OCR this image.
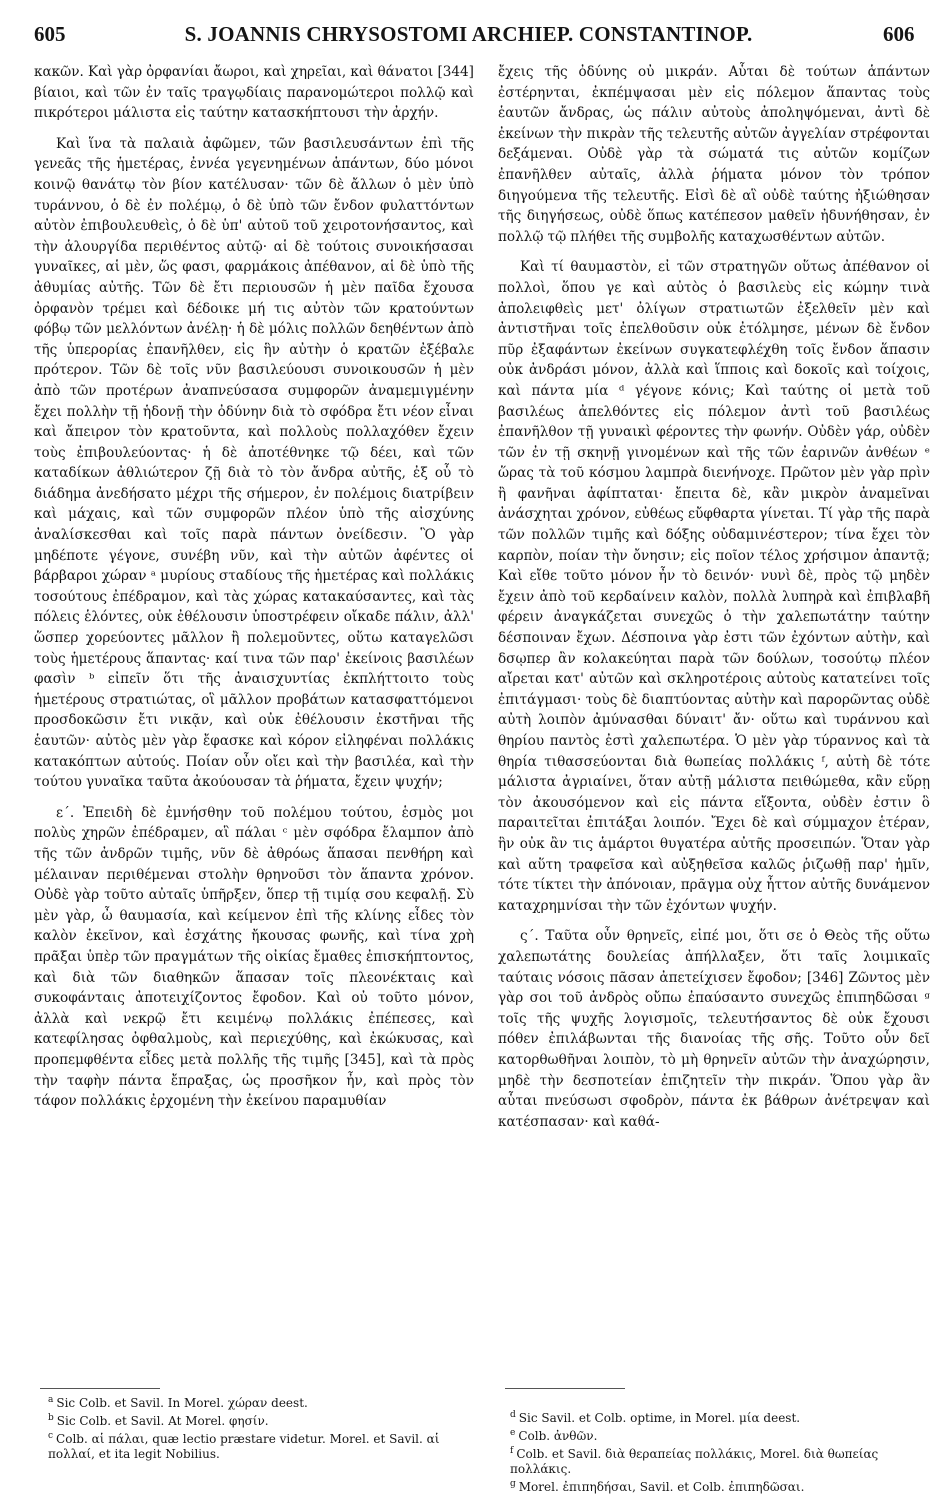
605	S. JOANNIS CHRYSOSTOMI ARCHIEP. CONSTANTINOP.	606

κακῶν. Καὶ γὰρ ὀρφανίαι ἄωροι, καὶ χηρεῖαι, καὶ θάνατοι [344] βίαιοι, καὶ τῶν ἐν ταῖς τραγῳδίαις παρανομώτεροι πολλῷ καὶ πικρότεροι μάλιστα εἰς ταύτην κατασκήπτουσι τὴν ἀρχήν.

Καὶ ἵνα τὰ παλαιὰ ἀφῶμεν, τῶν βασιλευσάντων ἐπὶ τῆς γενεᾶς τῆς ἡμετέρας, ἐννέα γεγενημένων ἁπάντων, δύο μόνοι κοινῷ θανάτῳ τὸν βίον κατέλυσαν· τῶν δὲ ἄλλων ὁ μὲν ὑπὸ τυράννου, ὁ δὲ ἐν πολέμῳ, ὁ δὲ ὑπὸ τῶν ἔνδον φυλαττόντων αὐτὸν ἐπιβουλευθεὶς, ὁ δὲ ὑπ' αὐτοῦ τοῦ χειροτονήσαντος, καὶ τὴν ἁλουργίδα περιθέντος αὐτῷ· αἱ δὲ τούτοις συνοικήσασαι γυναῖκες, αἱ μὲν, ὥς φασι, φαρμάκοις ἀπέθανον, αἱ δὲ ὑπὸ τῆς ἀθυμίας αὐτῆς. Τῶν δὲ ἔτι περιουσῶν ἡ μὲν παῖδα ἔχουσα ὀρφανὸν τρέμει καὶ δέδοικε μή τις αὐτὸν τῶν κρατούντων φόβῳ τῶν μελλόντων ἀνέλῃ· ἡ δὲ μόλις πολλῶν δεηθέντων ἀπὸ τῆς ὑπερορίας ἐπανῆλθεν, εἰς ἣν αὐτὴν ὁ κρατῶν ἐξέβαλε πρότερον. Τῶν δὲ τοῖς νῦν βασιλεύουσι συνοικουσῶν ἡ μὲν ἀπὸ τῶν προτέρων ἀναπνεύσασα συμφορῶν ἀναμεμιγμένην ἔχει πολλὴν τῇ ἡδονῇ τὴν ὀδύνην διὰ τὸ σφόδρα ἔτι νέον εἶναι καὶ ἄπειρον τὸν κρατοῦντα, καὶ πολλοὺς πολλαχόθεν ἔχειν τοὺς ἐπιβουλεύοντας· ἡ δὲ ἀποτέθνηκε τῷ δέει, καὶ τῶν καταδίκων ἀθλιώτερον ζῇ διὰ τὸ τὸν ἄνδρα αὐτῆς, ἐξ οὗ τὸ διάδημα ἀνεδήσατο μέχρι τῆς σήμερον, ἐν πολέμοις διατρίβειν καὶ μάχαις, καὶ τῶν συμφορῶν πλέον ὑπὸ τῆς αἰσχύνης ἀναλίσκεσθαι καὶ τοῖς παρὰ πάντων ὀνείδεσιν. Ὃ γὰρ μηδέποτε γέγονε, συνέβη νῦν, καὶ τὴν αὐτῶν ἀφέντες οἱ βάρβαροι χώραν ᵃ μυρίους σταδίους τῆς ἡμετέρας καὶ πολλάκις τοσούτους ἐπέδραμον, καὶ τὰς χώρας κατακαύσαντες, καὶ τὰς πόλεις ἑλόντες, οὐκ ἐθέλουσιν ὑποστρέφειν οἴκαδε πάλιν, ἀλλ' ὥσπερ χορεύοντες μᾶλλον ἢ πολεμοῦντες, οὕτω καταγελῶσι τοὺς ἡμετέρους ἅπαντας· καί τινα τῶν παρ' ἐκείνοις βασιλέων φασὶν ᵇ εἰπεῖν ὅτι τῆς ἀναισχυντίας ἐκπλήττοιτο τοὺς ἡμετέρους στρατιώτας, οἳ μᾶλλον προβάτων κατασφαττόμενοι προσδοκῶσιν ἔτι νικᾷν, καὶ οὐκ ἐθέλουσιν ἐκστῆναι τῆς ἑαυτῶν· αὐτὸς μὲν γὰρ ἔφασκε καὶ κόρον εἰληφέναι πολλάκις κατακόπτων αὐτούς. Ποίαν οὖν οἴει καὶ τὴν βασιλέα, καὶ τὴν τούτου γυναῖκα ταῦτα ἀκούουσαν τὰ ῥήματα, ἔχειν ψυχήν;

ε΄. Ἐπειδὴ δὲ ἐμνήσθην τοῦ πολέμου τούτου, ἑσμὸς μοι πολὺς χηρῶν ἐπέδραμεν, αἳ πάλαι ᶜ μὲν σφόδρα ἔλαμπον ἀπὸ τῆς τῶν ἀνδρῶν τιμῆς, νῦν δὲ ἀθρόως ἅπασαι πενθήρη καὶ μέλαιναν περιθέμεναι στολὴν θρηνοῦσι τὸν ἅπαντα χρόνον. Οὐδὲ γὰρ τοῦτο αὐταῖς ὑπῆρξεν, ὅπερ τῇ τιμίᾳ σου κεφαλῇ. Σὺ μὲν γὰρ, ὦ θαυμασία, καὶ κείμενον ἐπὶ τῆς κλίνης εἶδες τὸν καλὸν ἐκεῖνον, καὶ ἐσχάτης ἤκουσας φωνῆς, καὶ τίνα χρὴ πρᾶξαι ὑπὲρ τῶν πραγμάτων τῆς οἰκίας ἔμαθες ἐπισκήπτοντος, καὶ διὰ τῶν διαθηκῶν ἅπασαν τοῖς πλεονέκταις καὶ συκοφάνταις ἀποτειχίζοντος ἔφοδον. Καὶ οὐ τοῦτο μόνον, ἀλλὰ καὶ νεκρῷ ἔτι κειμένῳ πολλάκις ἐπέπεσες, καὶ κατεφίλησας ὀφθαλμοὺς, καὶ περιεχύθης, καὶ ἐκώκυσας, καὶ προπεμφθέντα εἶδες μετὰ πολλῆς τῆς τιμῆς [345], καὶ τὰ πρὸς τὴν ταφὴν πάντα ἔπραξας, ὡς προσῆκον ἦν, καὶ πρὸς τὸν τάφον πολλάκις ἐρχομένη τὴν ἐκείνου παραμυθίαν

ἔχεις τῆς ὀδύνης οὐ μικράν. Αὗται δὲ τούτων ἁπάντων ἐστέρηνται, ἐκπέμψασαι μὲν εἰς πόλεμον ἅπαντας τοὺς ἑαυτῶν ἄνδρας, ὡς πάλιν αὐτοὺς ἀποληψόμεναι, ἀντὶ δὲ ἐκείνων τὴν πικρὰν τῆς τελευτῆς αὐτῶν ἀγγελίαν στρέφονται δεξάμεναι. Οὐδὲ γὰρ τὰ σώματά τις αὐτῶν κομίζων ἐπανῆλθεν αὐταῖς, ἀλλὰ ῥήματα μόνον τὸν τρόπον διηγούμενα τῆς τελευτῆς. Εἰσὶ δὲ αἳ οὐδὲ ταύτης ἠξιώθησαν τῆς διηγήσεως, οὐδὲ ὅπως κατέπεσον μαθεῖν ἠδυνήθησαν, ἐν πολλῷ τῷ πλήθει τῆς συμβολῆς καταχωσθέντων αὐτῶν.

Καὶ τί θαυμαστὸν, εἰ τῶν στρατηγῶν οὕτως ἀπέθανον οἱ πολλοὶ, ὅπου γε καὶ αὐτὸς ὁ βασιλεὺς εἰς κώμην τινὰ ἀπολειφθεὶς μετ' ὀλίγων στρατιωτῶν ἐξελθεῖν μὲν καὶ ἀντιστῆναι τοῖς ἐπελθοῦσιν οὐκ ἐτόλμησε, μένων δὲ ἔνδον πῦρ ἐξαφάντων ἐκείνων συγκατεφλέχθη τοῖς ἔνδον ἅπασιν οὐκ ἀνδράσι μόνον, ἀλλὰ καὶ ἵπποις καὶ δοκοῖς καὶ τοίχοις, καὶ πάντα μία ᵈ γέγονε κόνις; Καὶ ταύτης οἱ μετὰ τοῦ βασιλέως ἀπελθόντες εἰς πόλεμον ἀντὶ τοῦ βασιλέως ἐπανῆλθον τῇ γυναικὶ φέροντες τὴν φωνήν. Οὐδὲν γάρ, οὐδὲν τῶν ἐν τῇ σκηνῇ γινομένων καὶ τῆς τῶν ἐαρινῶν ἀνθέων ᵉ ὥρας τὰ τοῦ κόσμου λαμπρὰ διενήνοχε. Πρῶτον μὲν γὰρ πρὶν ἢ φανῆναι ἀφίπταται· ἔπειτα δὲ, κἂν μικρὸν ἀναμεῖναι ἀνάσχηται χρόνον, εὐθέως εὔφθαρτα γίνεται. Τί γὰρ τῆς παρὰ τῶν πολλῶν τιμῆς καὶ δόξης οὐδαμινέστερον; τίνα ἔχει τὸν καρπὸν, ποίαν τὴν ὄνησιν; εἰς ποῖον τέλος χρήσιμον ἀπαντᾷ; Καὶ εἴθε τοῦτο μόνον ἦν τὸ δεινόν· νυνὶ δὲ, πρὸς τῷ μηδὲν ἔχειν ἀπὸ τοῦ κερδαίνειν καλὸν, πολλὰ λυπηρὰ καὶ ἐπιβλαβῆ φέρειν ἀναγκάζεται συνεχῶς ὁ τὴν χαλεπωτάτην ταύτην δέσποιναν ἔχων. Δέσποινα γὰρ ἐστι τῶν ἐχόντων αὐτὴν, καὶ δσῳπερ ἂν κολακεύηται παρὰ τῶν δούλων, τοσούτῳ πλέον αἴρεται κατ' αὐτῶν καὶ σκληροτέροις αὐτοὺς κατατείνει τοῖς ἐπιτάγμασι· τοὺς δὲ διαπτύοντας αὐτὴν καὶ παρορῶντας οὐδὲ αὐτὴ λοιπὸν ἀμύνασθαι δύναιτ' ἄν· οὕτω καὶ τυράννου καὶ θηρίου παντὸς ἐστὶ χαλεπωτέρα. Ὁ μὲν γὰρ τύραννος καὶ τὰ θηρία τιθασσεύονται διὰ θωπείας πολλάκις ᶠ, αὐτὴ δὲ τότε μάλιστα ἀγριαίνει, ὅταν αὐτῇ μάλιστα πειθώμεθα, κἂν εὕρῃ τὸν ἀκουσόμενον καὶ εἰς πάντα εἴξοντα, οὐδὲν ἐστιν ὃ παραιτεῖται ἐπιτάξαι λοιπόν. Ἔχει δὲ καὶ σύμμαχον ἑτέραν, ἣν οὐκ ἂν τις ἁμάρτοι θυγατέρα αὐτῆς προσειπών. Ὅταν γὰρ καὶ αὕτη τραφεῖσα καὶ αὐξηθεῖσα καλῶς ῥιζωθῇ παρ' ἡμῖν, τότε τίκτει τὴν ἀπόνοιαν, πρᾶγμα οὐχ ἧττον αὐτῆς δυνάμενον καταχρημνίσαι τὴν τῶν ἐχόντων ψυχήν.

ς΄. Ταῦτα οὖν θρηνεῖς, εἰπέ μοι, ὅτι σε ὁ Θεὸς τῆς οὕτω χαλεπωτάτης δουλείας ἀπήλλαξεν, ὅτι ταῖς λοιμικαῖς ταύταις νόσοις πᾶσαν ἀπετείχισεν ἔφοδον; [346] Ζῶντος μὲν γὰρ σοι τοῦ ἀνδρὸς οὔπω ἐπαύσαντο συνεχῶς ἐπιπηδῶσαι ᵍ τοῖς τῆς ψυχῆς λογισμοῖς, τελευτήσαντος δὲ οὐκ ἔχουσι πόθεν ἐπιλάβωνται τῆς διανοίας τῆς σῆς. Τοῦτο οὖν δεῖ κατορθωθῆναι λοιπὸν, τὸ μὴ θρηνεῖν αὐτῶν τὴν ἀναχώρησιν, μηδὲ τὴν δεσποτείαν ἐπιζητεῖν τὴν πικράν. Ὅπου γὰρ ἂν αὗται πνεύσωσι σφοδρὸν, πάντα ἐκ βάθρων ἀνέτρεψαν καὶ κατέσπασαν· καὶ καθά-

$^a$ Sic Colb. et Savil. In Morel. χώραν deest.

$^b$ Sic Colb. et Savil. At Morel. φησίν.

$^c$ Colb. αἱ πάλαι, quæ lectio præstare videtur. Morel. et Savil. αἱ πολλαί, et ita legit Nobilius.

$^d$ Sic Savil. et Colb. optime, in Morel. μία deest.

$^e$ Colb. ἀνθῶν.

$^f$ Colb. et Savil. διὰ θεραπείας πολλάκις, Morel. διὰ θωπείας πολλάκις.

$^g$ Morel. ἐπιπηδήσαι, Savil. et Colb. ἐπιπηδῶσαι.
